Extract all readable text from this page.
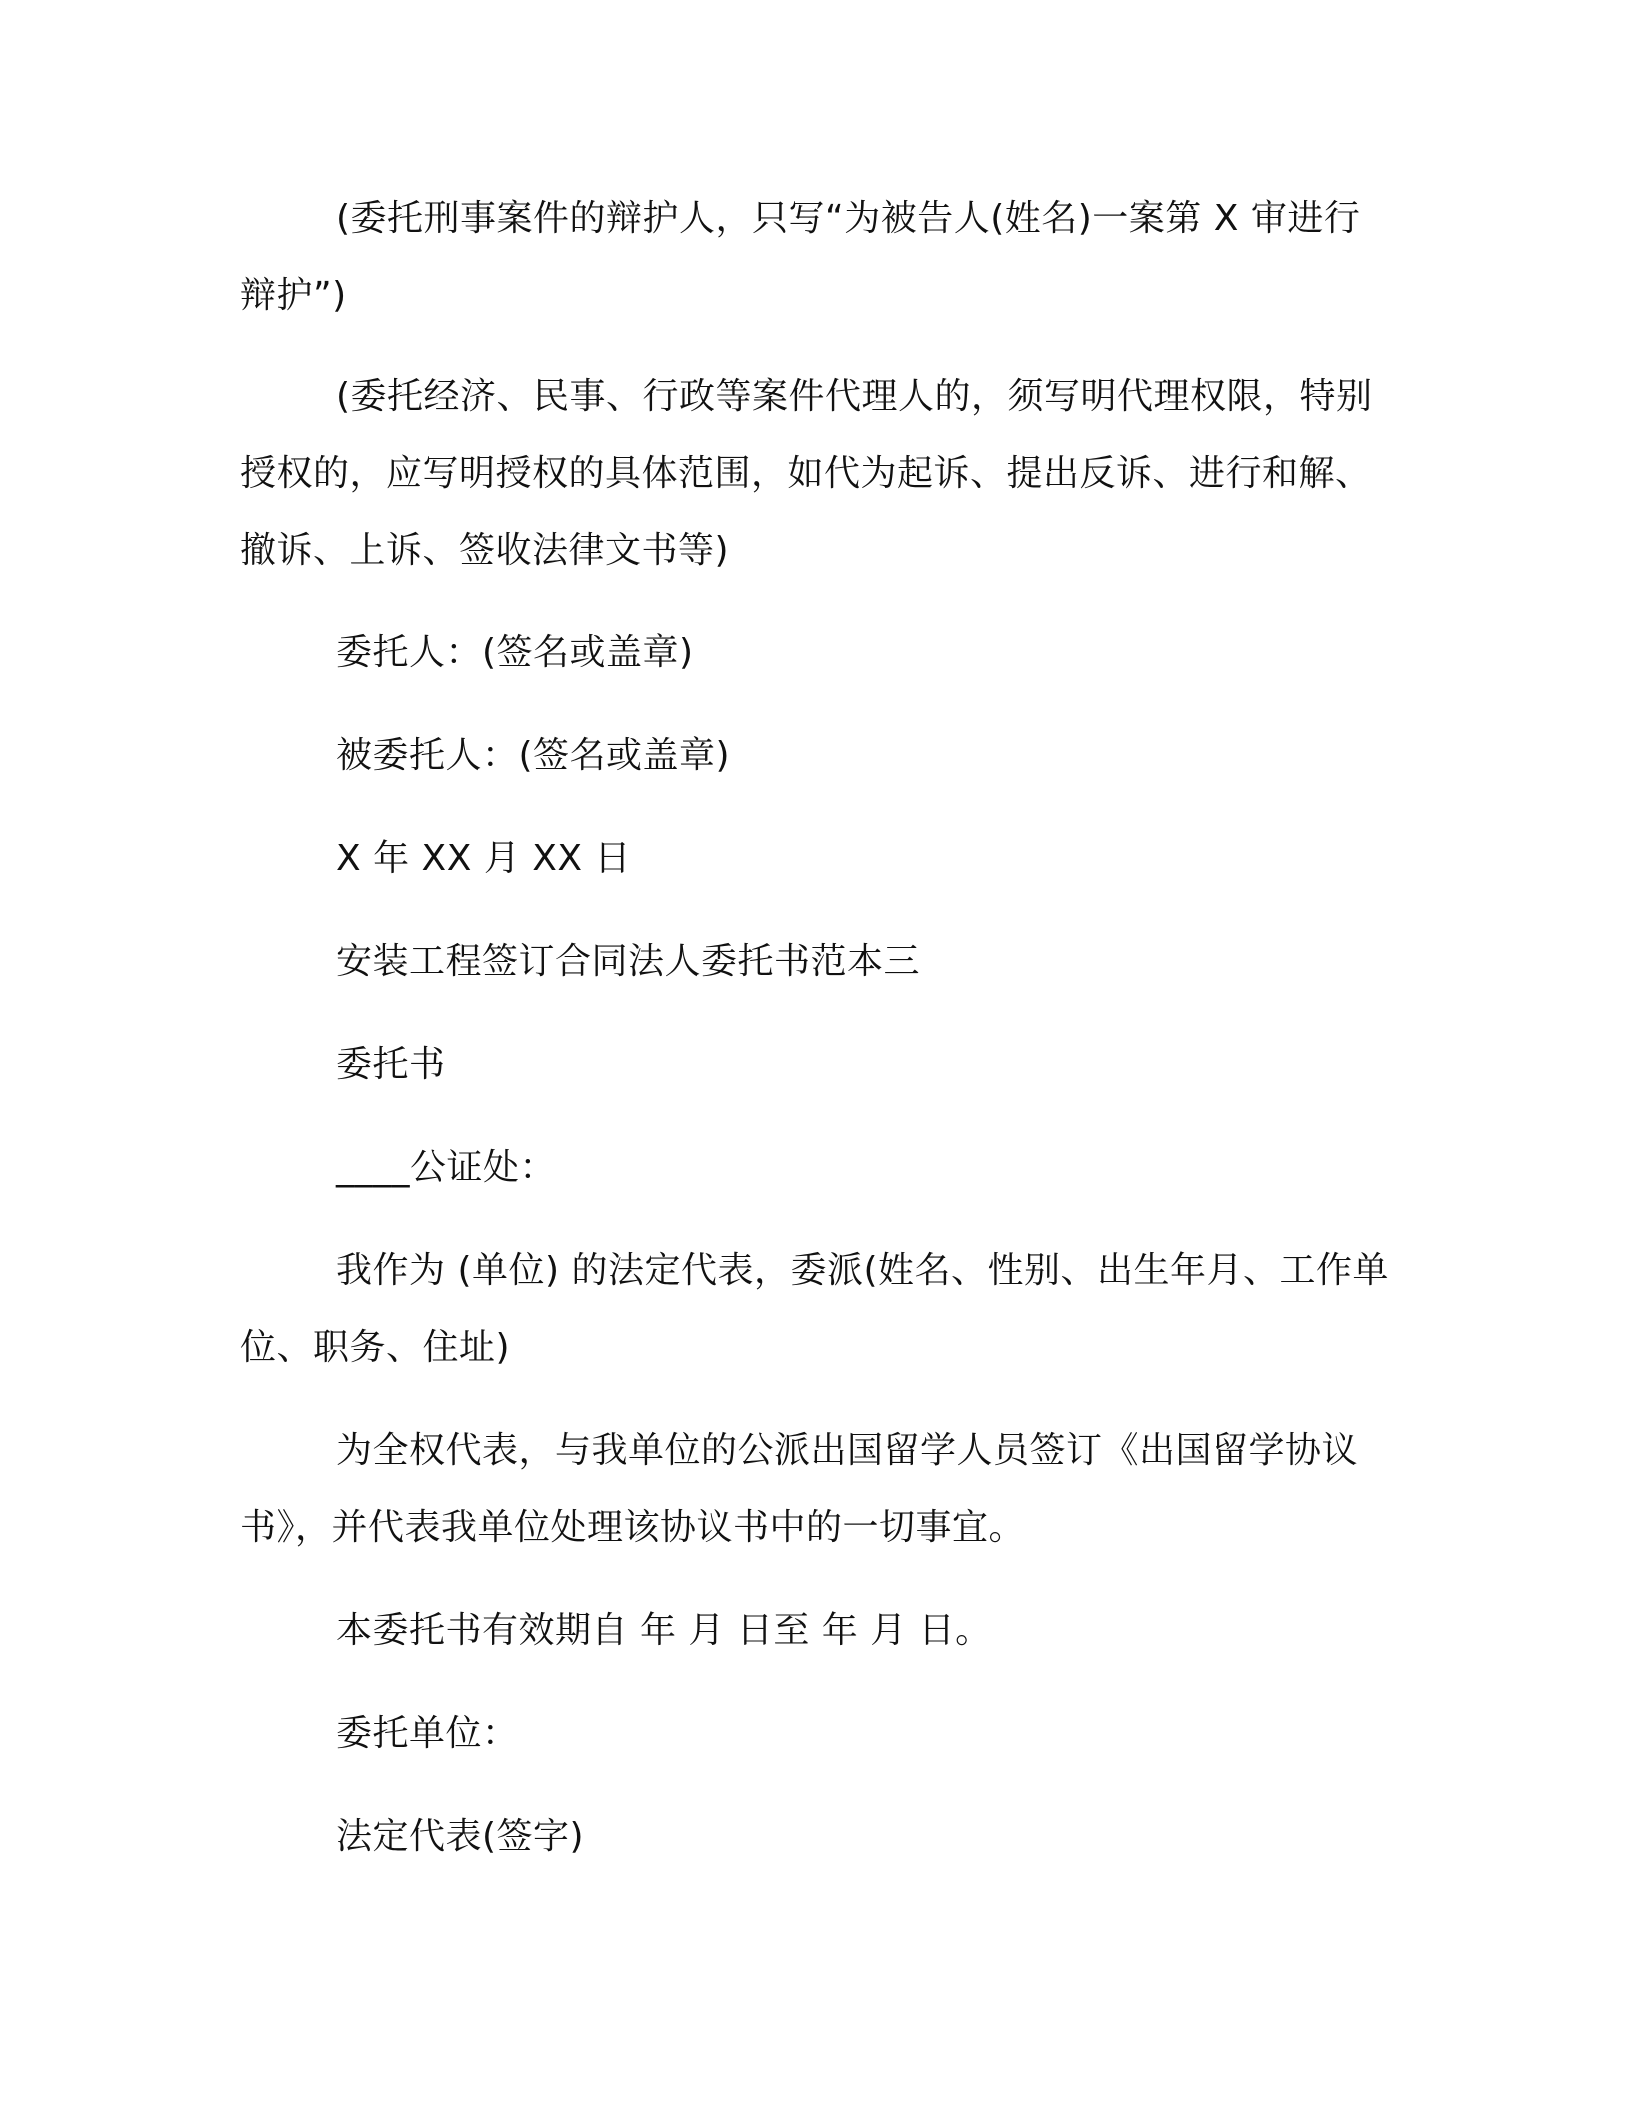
(委托刑事案件的辩护人，只写“为被告人(姓名)一案第 X 审进行辩护”)

(委托经济、民事、行政等案件代理人的，须写明代理权限，特别授权的，应写明授权的具体范围，如代为起诉、提出反诉、进行和解、撤诉、上诉、签收法律文书等)

委托人：(签名或盖章)

被委托人：(签名或盖章)

X 年 XX 月 XX 日

安装工程签订合同法人委托书范本三

委托书

____公证处：

我作为 (单位) 的法定代表，委派(姓名、性别、出生年月、工作单位、职务、住址)

为全权代表，与我单位的公派出国留学人员签订《出国留学协议书》，并代表我单位处理该协议书中的一切事宜。

本委托书有效期自 年 月 日至 年 月 日。

委托单位：

法定代表(签字)
